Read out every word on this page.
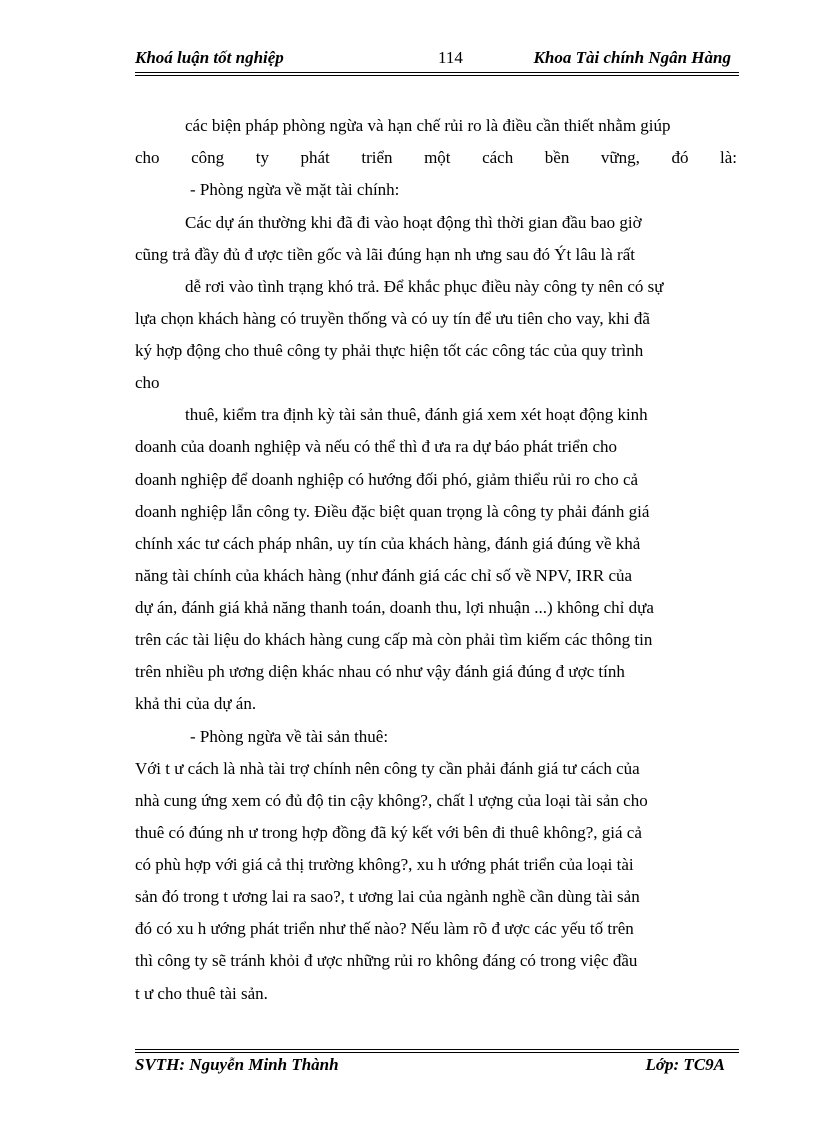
Khoá luận tốt nghiệp	114	Khoa Tài chính Ngân Hàng
các biện pháp phòng ngừa và hạn chế rủi ro là điều cần thiết nhằm giúp
cho công ty phát triển một cách bền vững, đó là:
- Phòng ngừa về mặt tài chính:
Các dự án thường khi đã đi vào hoạt động thì thời gian đầu bao giờ
cũng trả đầy đủ đ ược tiền gốc và lãi đúng hạn nh ưng sau đó Ýt lâu là rất
dễ rơi vào tình trạng khó trả. Để khắc phục điều này công ty nên có sự
lựa chọn khách hàng có truyền thống và có uy tín để ưu tiên cho vay, khi đã
ký hợp động cho thuê công ty phải thực hiện tốt các công tác của quy trình
cho
thuê, kiểm tra định kỳ tài sản thuê, đánh giá xem xét hoạt động kinh
doanh của doanh nghiệp và nếu có thể thì đ ưa ra dự báo phát triển cho
doanh nghiệp để doanh nghiệp có hướng đối phó, giảm thiểu rủi ro cho cả
doanh nghiệp lẫn công ty. Điều đặc biệt quan trọng là công ty phải đánh giá
chính xác tư cách pháp nhân, uy tín của khách hàng, đánh giá đúng về khả
năng tài chính của khách hàng (như đánh giá các chỉ số về NPV, IRR của
dự án, đánh giá khả năng thanh toán, doanh thu, lợi nhuận ...) không chỉ dựa
trên các tài liệu do khách hàng cung cấp mà còn phải tìm kiếm các thông tin
trên nhiều ph ương diện khác nhau có như vậy đánh giá đúng đ ược tính
khả thi của dự án.
- Phòng ngừa về tài sản thuê:
Với t ư cách là nhà tài trợ chính nên công ty cần phải đánh giá tư cách của
nhà cung ứng xem có đủ độ tin cậy không?, chất l ượng của loại tài sản cho
thuê có đúng nh ư trong hợp đồng đã ký kết với bên đi thuê không?, giá cả
có phù hợp với giá cả thị trường không?, xu h ướng phát triển của loại tài
sản đó trong t ương lai ra sao?, t ương lai của ngành nghề cần dùng tài sản
đó có xu h ướng phát triển như thế nào? Nếu làm rõ đ ược các yếu tố trên
thì công ty sẽ tránh khỏi đ ược những rủi ro không đáng có trong việc đầu
t ư cho thuê tài sản.
SVTH: Nguyễn Minh Thành	Lớp: TC9A
